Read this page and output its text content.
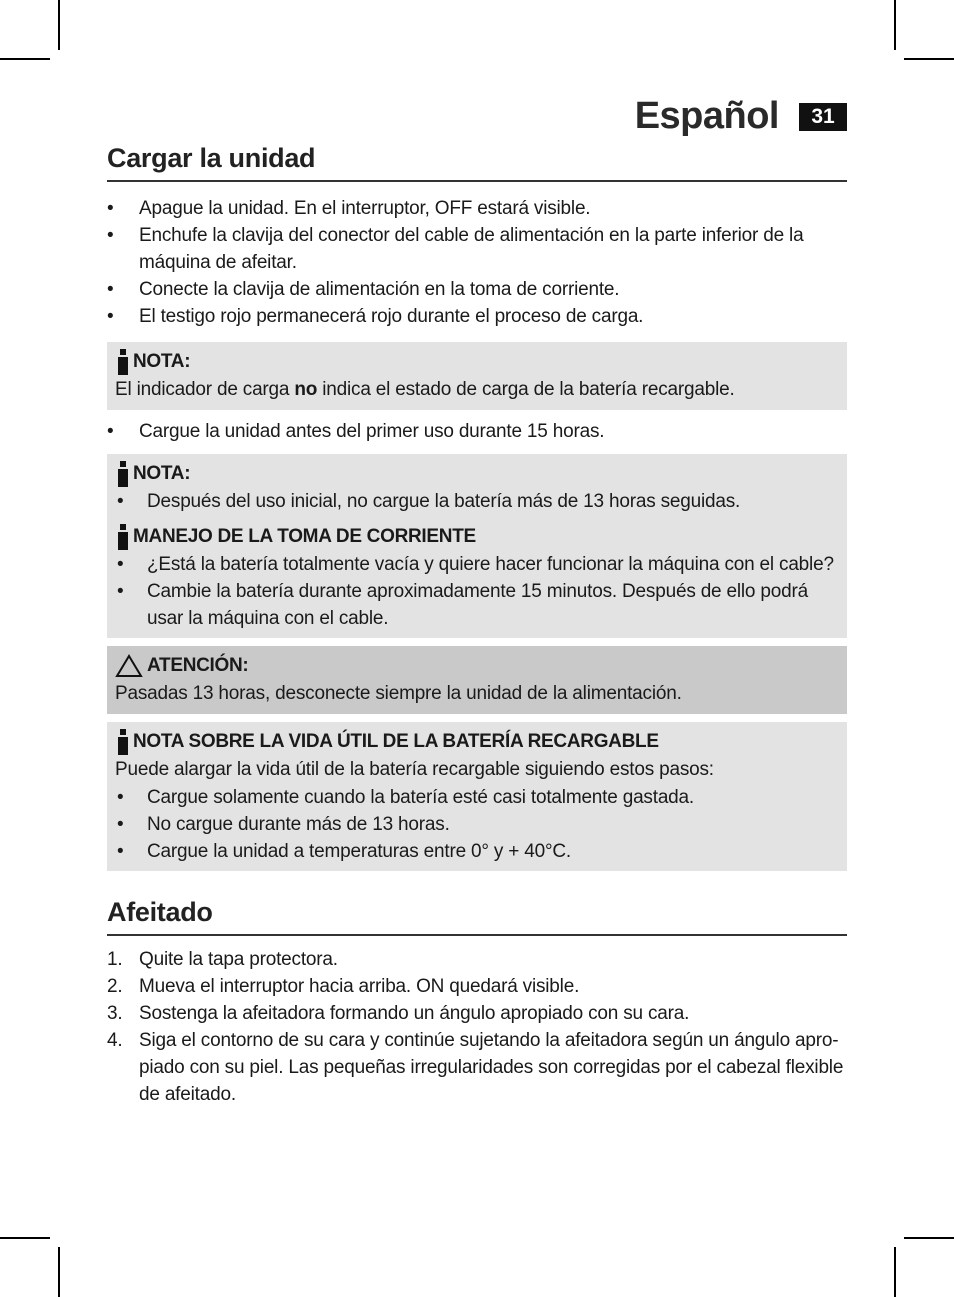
Español	31
Cargar la unidad
• Apague la unidad. En el interruptor, OFF estará visible.
• Enchufe la clavija del conector del cable de alimentación en la parte inferior de la máquina de afeitar.
• Conecte la clavija de alimentación en la toma de corriente.
• El testigo rojo permanecerá rojo durante el proceso de carga.
NOTA:
El indicador de carga no indica el estado de carga de la batería recargable.
• Cargue la unidad antes del primer uso durante 15 horas.
NOTA:
• Después del uso inicial, no cargue la batería más de 13 horas seguidas.
MANEJO DE LA TOMA DE CORRIENTE
• ¿Está la batería totalmente vacía y quiere hacer funcionar la máquina con el cable?
• Cambie la batería durante aproximadamente 15 minutos. Después de ello podrá usar la máquina con el cable.
ATENCIÓN:
Pasadas 13 horas, desconecte siempre la unidad de la alimentación.
NOTA SOBRE LA VIDA ÚTIL DE LA BATERÍA RECARGABLE
Puede alargar la vida útil de la batería recargable siguiendo estos pasos:
• Cargue solamente cuando la batería esté casi totalmente gastada.
• No cargue durante más de 13 horas.
• Cargue la unidad a temperaturas entre 0° y + 40°C.
Afeitado
1. Quite la tapa protectora.
2. Mueva el interruptor hacia arriba. ON quedará visible.
3. Sostenga la afeitadora formando un ángulo apropiado con su cara.
4. Siga el contorno de su cara y continúe sujetando la afeitadora según un ángulo apro-piado con su piel. Las pequeñas irregularidades son corregidas por el cabezal flexible de afeitado.
